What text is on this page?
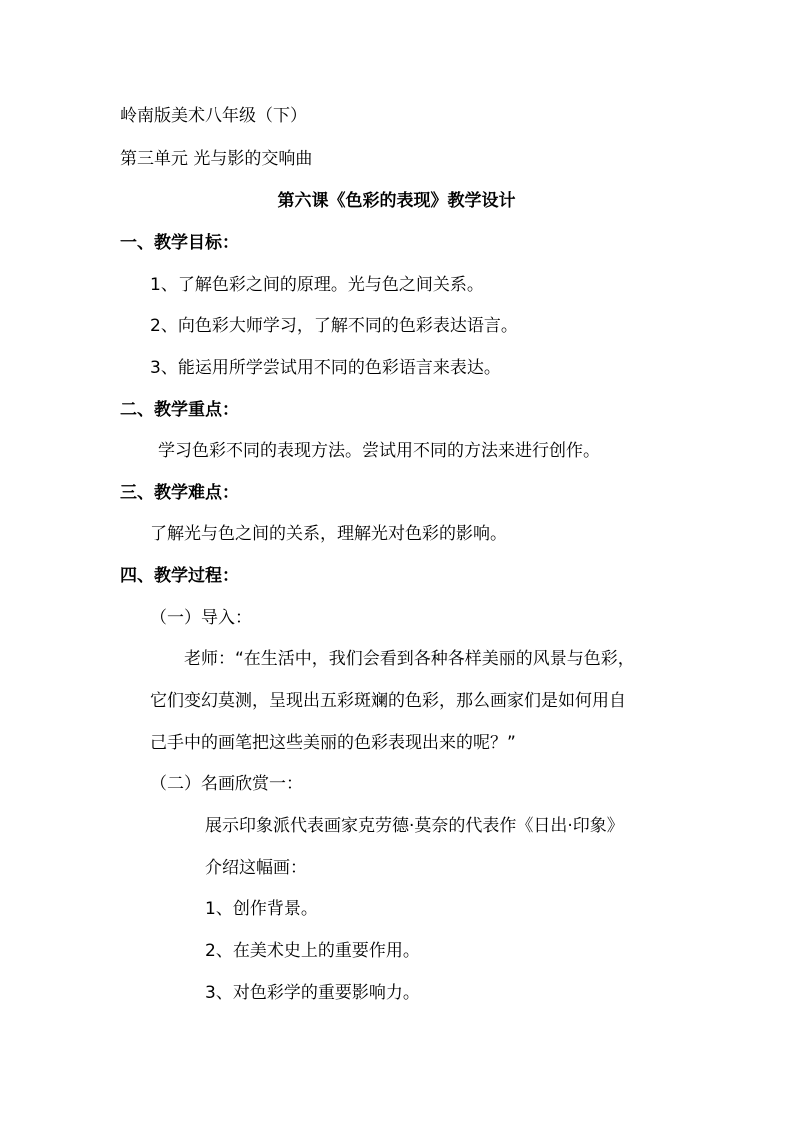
岭南版美术八年级（下）
第三单元 光与影的交响曲
第六课《色彩的表现》教学设计
一、教学目标：
1、了解色彩之间的原理。光与色之间关系。
2、向色彩大师学习，了解不同的色彩表达语言。
3、能运用所学尝试用不同的色彩语言来表达。
二、教学重点：
学习色彩不同的表现方法。尝试用不同的方法来进行创作。
三、教学难点：
了解光与色之间的关系，理解光对色彩的影响。
四、教学过程：
（一）导入：
老师：“在生活中，我们会看到各种各样美丽的风景与色彩，
它们变幻莫测，呈现出五彩斑斓的色彩，那么画家们是如何用自
己手中的画笔把这些美丽的色彩表现出来的呢？”
（二）名画欣赏一：
展示印象派代表画家克劳德·莫奈的代表作《日出·印象》
介绍这幅画：
1、创作背景。
2、在美术史上的重要作用。
3、对色彩学的重要影响力。
